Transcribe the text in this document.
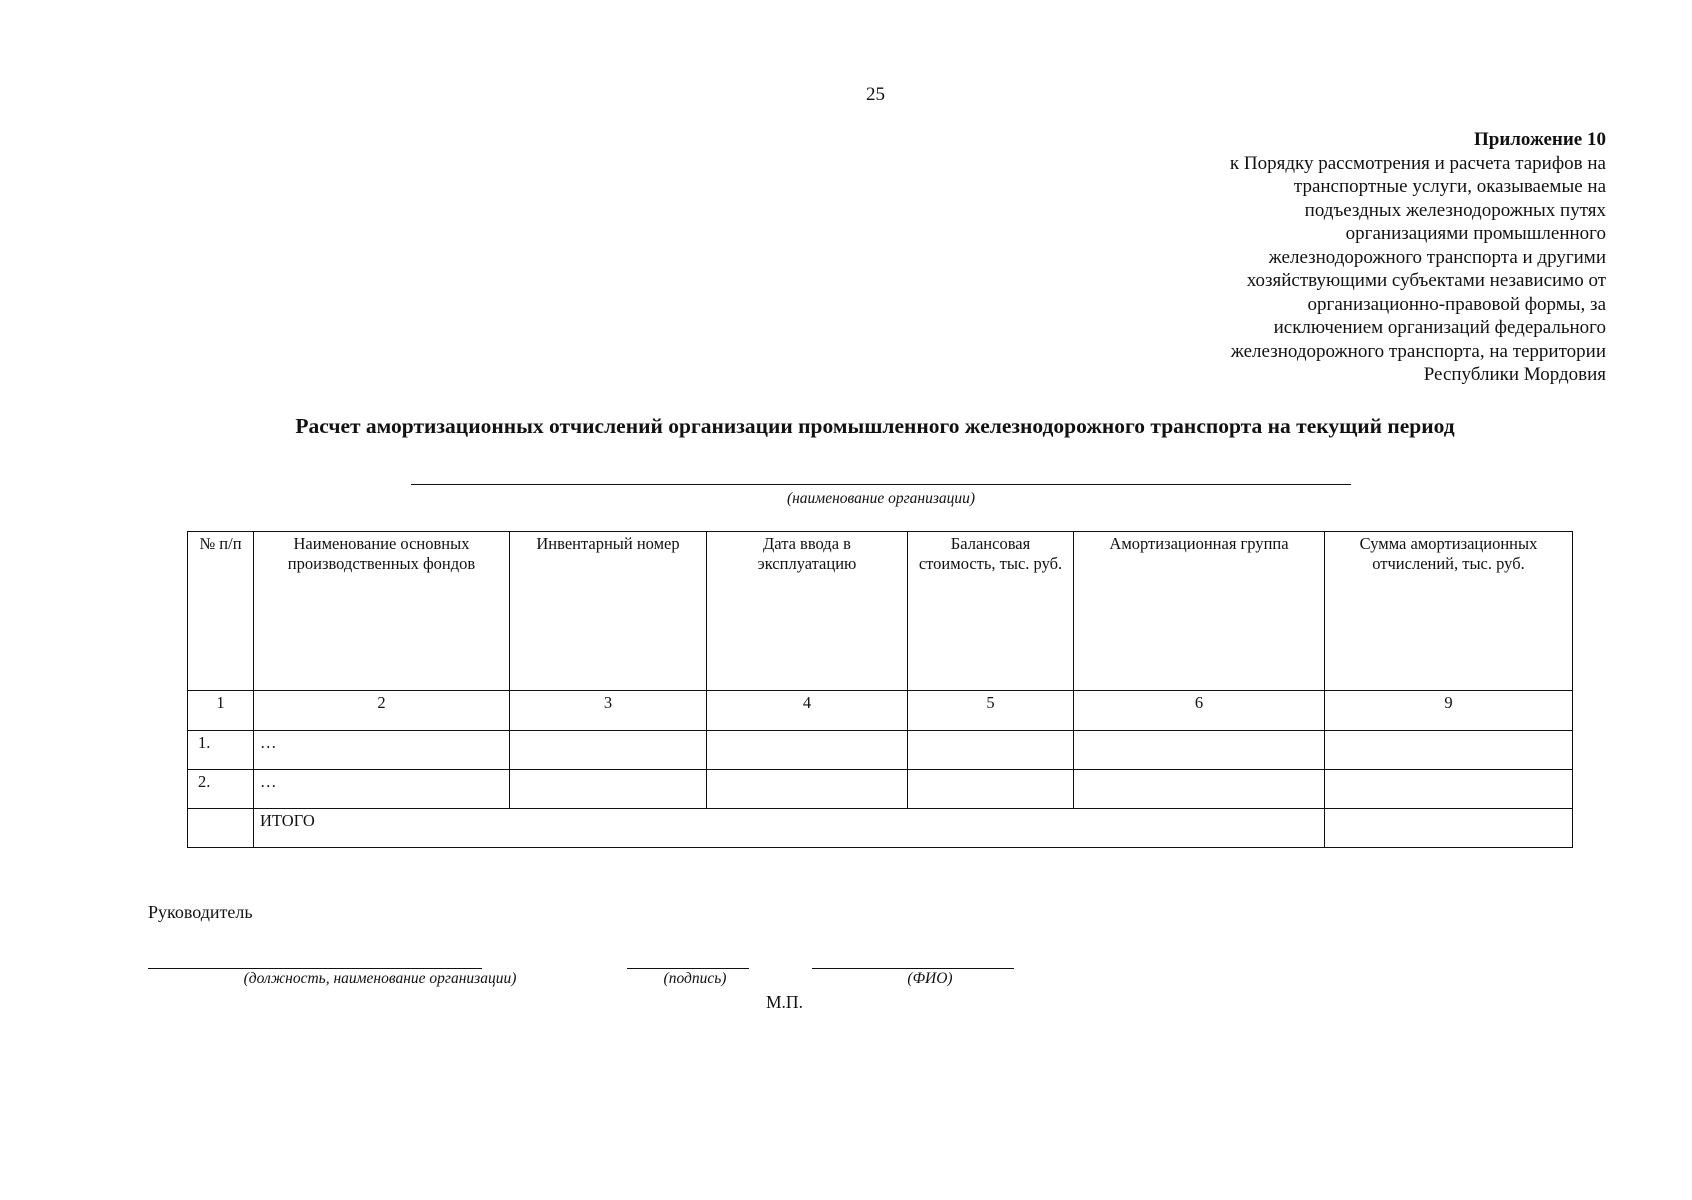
25
Приложение 10
к Порядку рассмотрения и расчета тарифов на
транспортные услуги, оказываемые на
подъездных железнодорожных путях
организациями промышленного
железнодорожного транспорта и другими
хозяйствующими субъектами независимо от
организационно-правовой формы, за
исключением организаций федерального
железнодорожного транспорта, на территории
Республики Мордовия
Расчет амортизационных отчислений организации промышленного железнодорожного транспорта на текущий период
(наименование организации)
№ п/п	Наименование основных производственных фондов	Инвентарный номер	Дата ввода в эксплуатацию	Балансовая стоимость, тыс. руб.	Амортизационная группа	Сумма амортизационных отчислений, тыс. руб.
1	2	3	4	5	6	9
1.	…					
2.	…					
	ИТОГО					
Руководитель
(должность, наименование организации)	(подпись)	(ФИО)
М.П.
